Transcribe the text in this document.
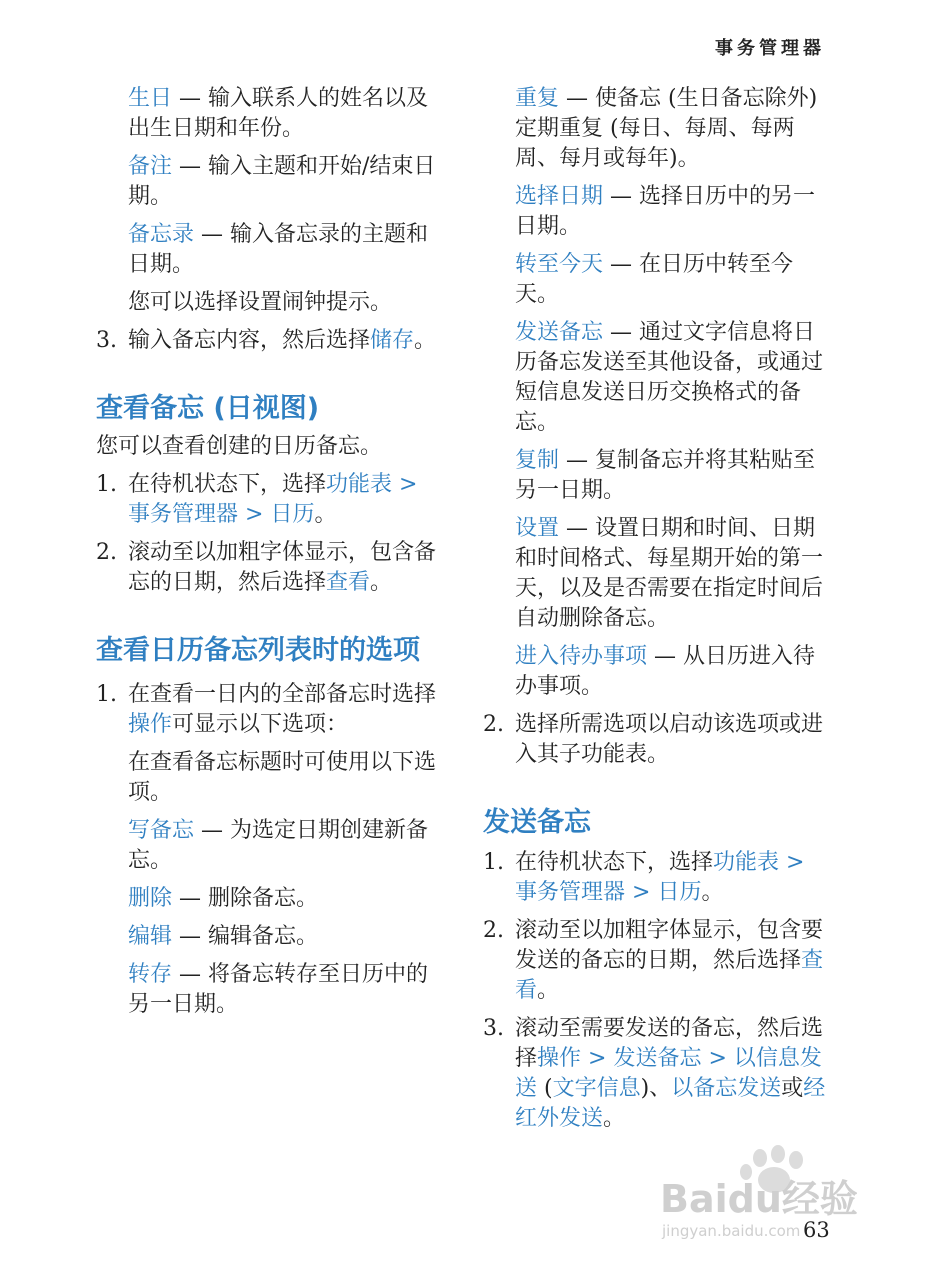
事务管理器

生日 — 输入联系人的姓名以及出生日期和年份。

备注 — 输入主题和开始/结束日期。

备忘录 — 输入备忘录的主题和日期。

您可以选择设置闹钟提示。

3. 输入备忘内容，然后选择储存。

查看备忘 (日视图)

您可以查看创建的日历备忘。

1. 在待机状态下，选择功能表 > 事务管理器 > 日历。

2. 滚动至以加粗字体显示，包含备忘的日期，然后选择查看。

查看日历备忘列表时的选项

1. 在查看一日内的全部备忘时选择操作可显示以下选项：

在查看备忘标题时可使用以下选项。

写备忘 — 为选定日期创建新备忘。

删除 — 删除备忘。

编辑 — 编辑备忘。

转存 — 将备忘转存至日历中的另一日期。

重复 — 使备忘 (生日备忘除外) 定期重复 (每日、每周、每两周、每月或每年)。

选择日期 — 选择日历中的另一日期。

转至今天 — 在日历中转至今天。

发送备忘 — 通过文字信息将日历备忘发送至其他设备，或通过短信息发送日历交换格式的备忘。

复制 — 复制备忘并将其粘贴至另一日期。

设置 — 设置日期和时间、日期和时间格式、每星期开始的第一天，以及是否需要在指定时间后自动删除备忘。

进入待办事项 — 从日历进入待办事项。

2. 选择所需选项以启动该选项或进入其子功能表。

发送备忘

1. 在待机状态下，选择功能表 > 事务管理器 > 日历。

2. 滚动至以加粗字体显示，包含要发送的备忘的日期，然后选择查看。

3. 滚动至需要发送的备忘，然后选择操作 > 发送备忘 > 以信息发送 (文字信息)、以备忘发送或经红外发送。

Baidu经验
jingyan.baidu.com 63
